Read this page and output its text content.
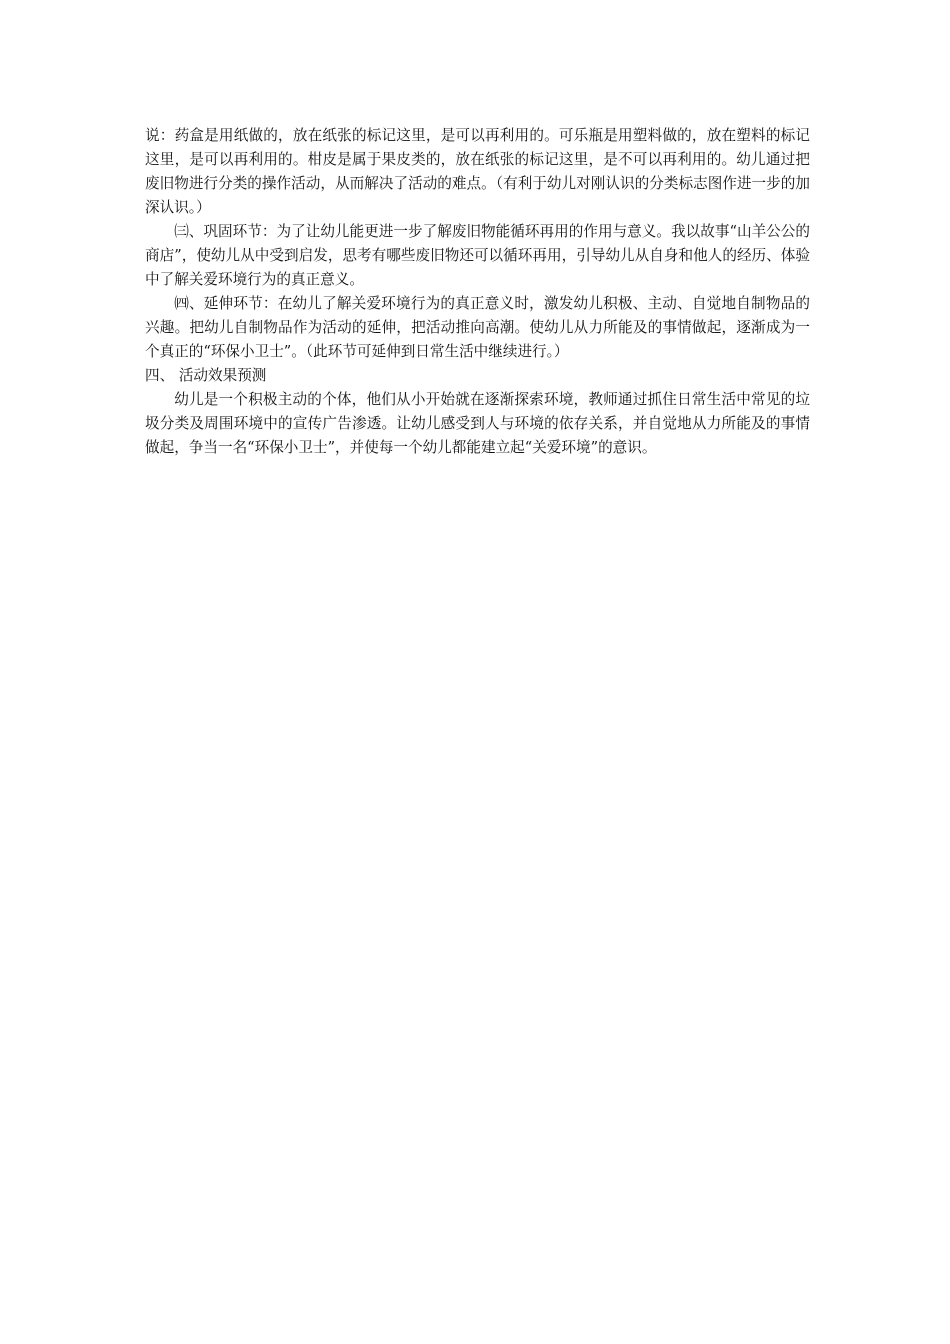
说：药盒是用纸做的，放在纸张的标记这里，是可以再利用的。可乐瓶是用塑料做的，放在塑料的标记这里，是可以再利用的。柑皮是属于果皮类的，放在纸张的标记这里，是不可以再利用的。幼儿通过把废旧物进行分类的操作活动，从而解决了活动的难点。（有利于幼儿对刚认识的分类标志图作进一步的加深认识。）

㈢、巩固环节：为了让幼儿能更进一步了解废旧物能循环再用的作用与意义。我以故事“山羊公公的商店”，使幼儿从中受到启发，思考有哪些废旧物还可以循环再用，引导幼儿从自身和他人的经历、体验中了解关爱环境行为的真正意义。

㈣、延伸环节：在幼儿了解关爱环境行为的真正意义时，激发幼儿积极、主动、自觉地自制物品的兴趣。把幼儿自制物品作为活动的延伸，把活动推向高潮。使幼儿从力所能及的事情做起，逐渐成为一个真正的“环保小卫士”。（此环节可延伸到日常生活中继续进行。）

四、 活动效果预测

幼儿是一个积极主动的个体，他们从小开始就在逐渐探索环境，教师通过抓住日常生活中常见的垃圾分类及周围环境中的宣传广告渗透。让幼儿感受到人与环境的依存关系，并自觉地从力所能及的事情做起，争当一名“环保小卫士”，并使每一个幼儿都能建立起“关爱环境”的意识。
